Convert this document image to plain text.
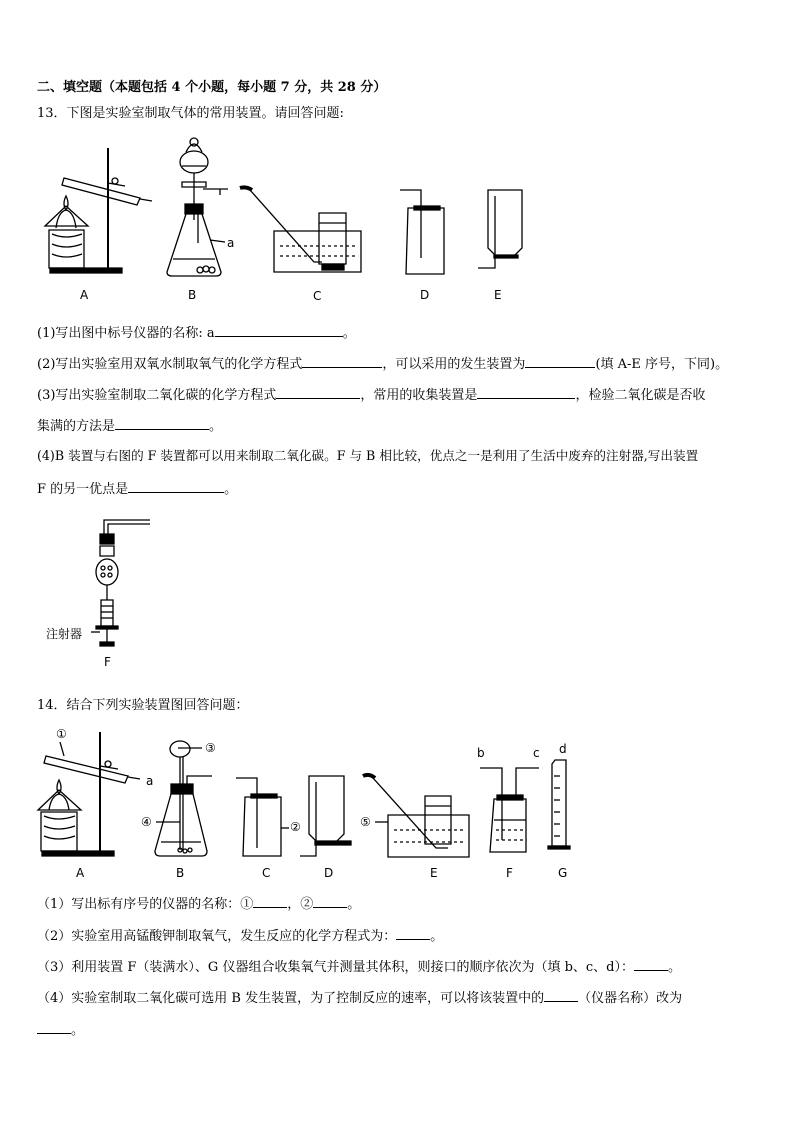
二、填空题（本题包括 4 个小题，每小题 7 分，共 28 分）
13．下图是实验室制取气体的常用装置。请回答问题:
(1)写出图中标号仪器的名称: a	。
(2)写出实验室用双氧水制取氧气的化学方程式	，可以采用的发生装置为	(填 A-E 序号，下同)。
(3)写出实验室制取二氧化碳的化学方程式	，常用的收集装置是	，检验二氧化碳是否收
集满的方法是	。
(4)B 装置与右图的 F 装置都可以用来制取二氧化碳。F 与 B 相比较，优点之一是利用了生活中废弃的注射器,写出装置
F 的另一优点是	。
14．结合下列实验装置图回答问题：
（1）写出标有序号的仪器的名称：①	，②	。
（2）实验室用高锰酸钾制取氧气，发生反应的化学方程式为：	。
（3）利用装置 F（装满水）、G 仪器组合收集氧气并测量其体积，则接口的顺序依次为（填 b、c、d）：	。
（4）实验室制取二氧化碳可选用 B 发生装置，为了控制反应的速率，可以将该装置中的	（仪器名称）改为
。
A	B	C	D	E
a
注射器
F
①
a
③
④	②	⑤
b	c d
A	B	C	D	E	F	G
